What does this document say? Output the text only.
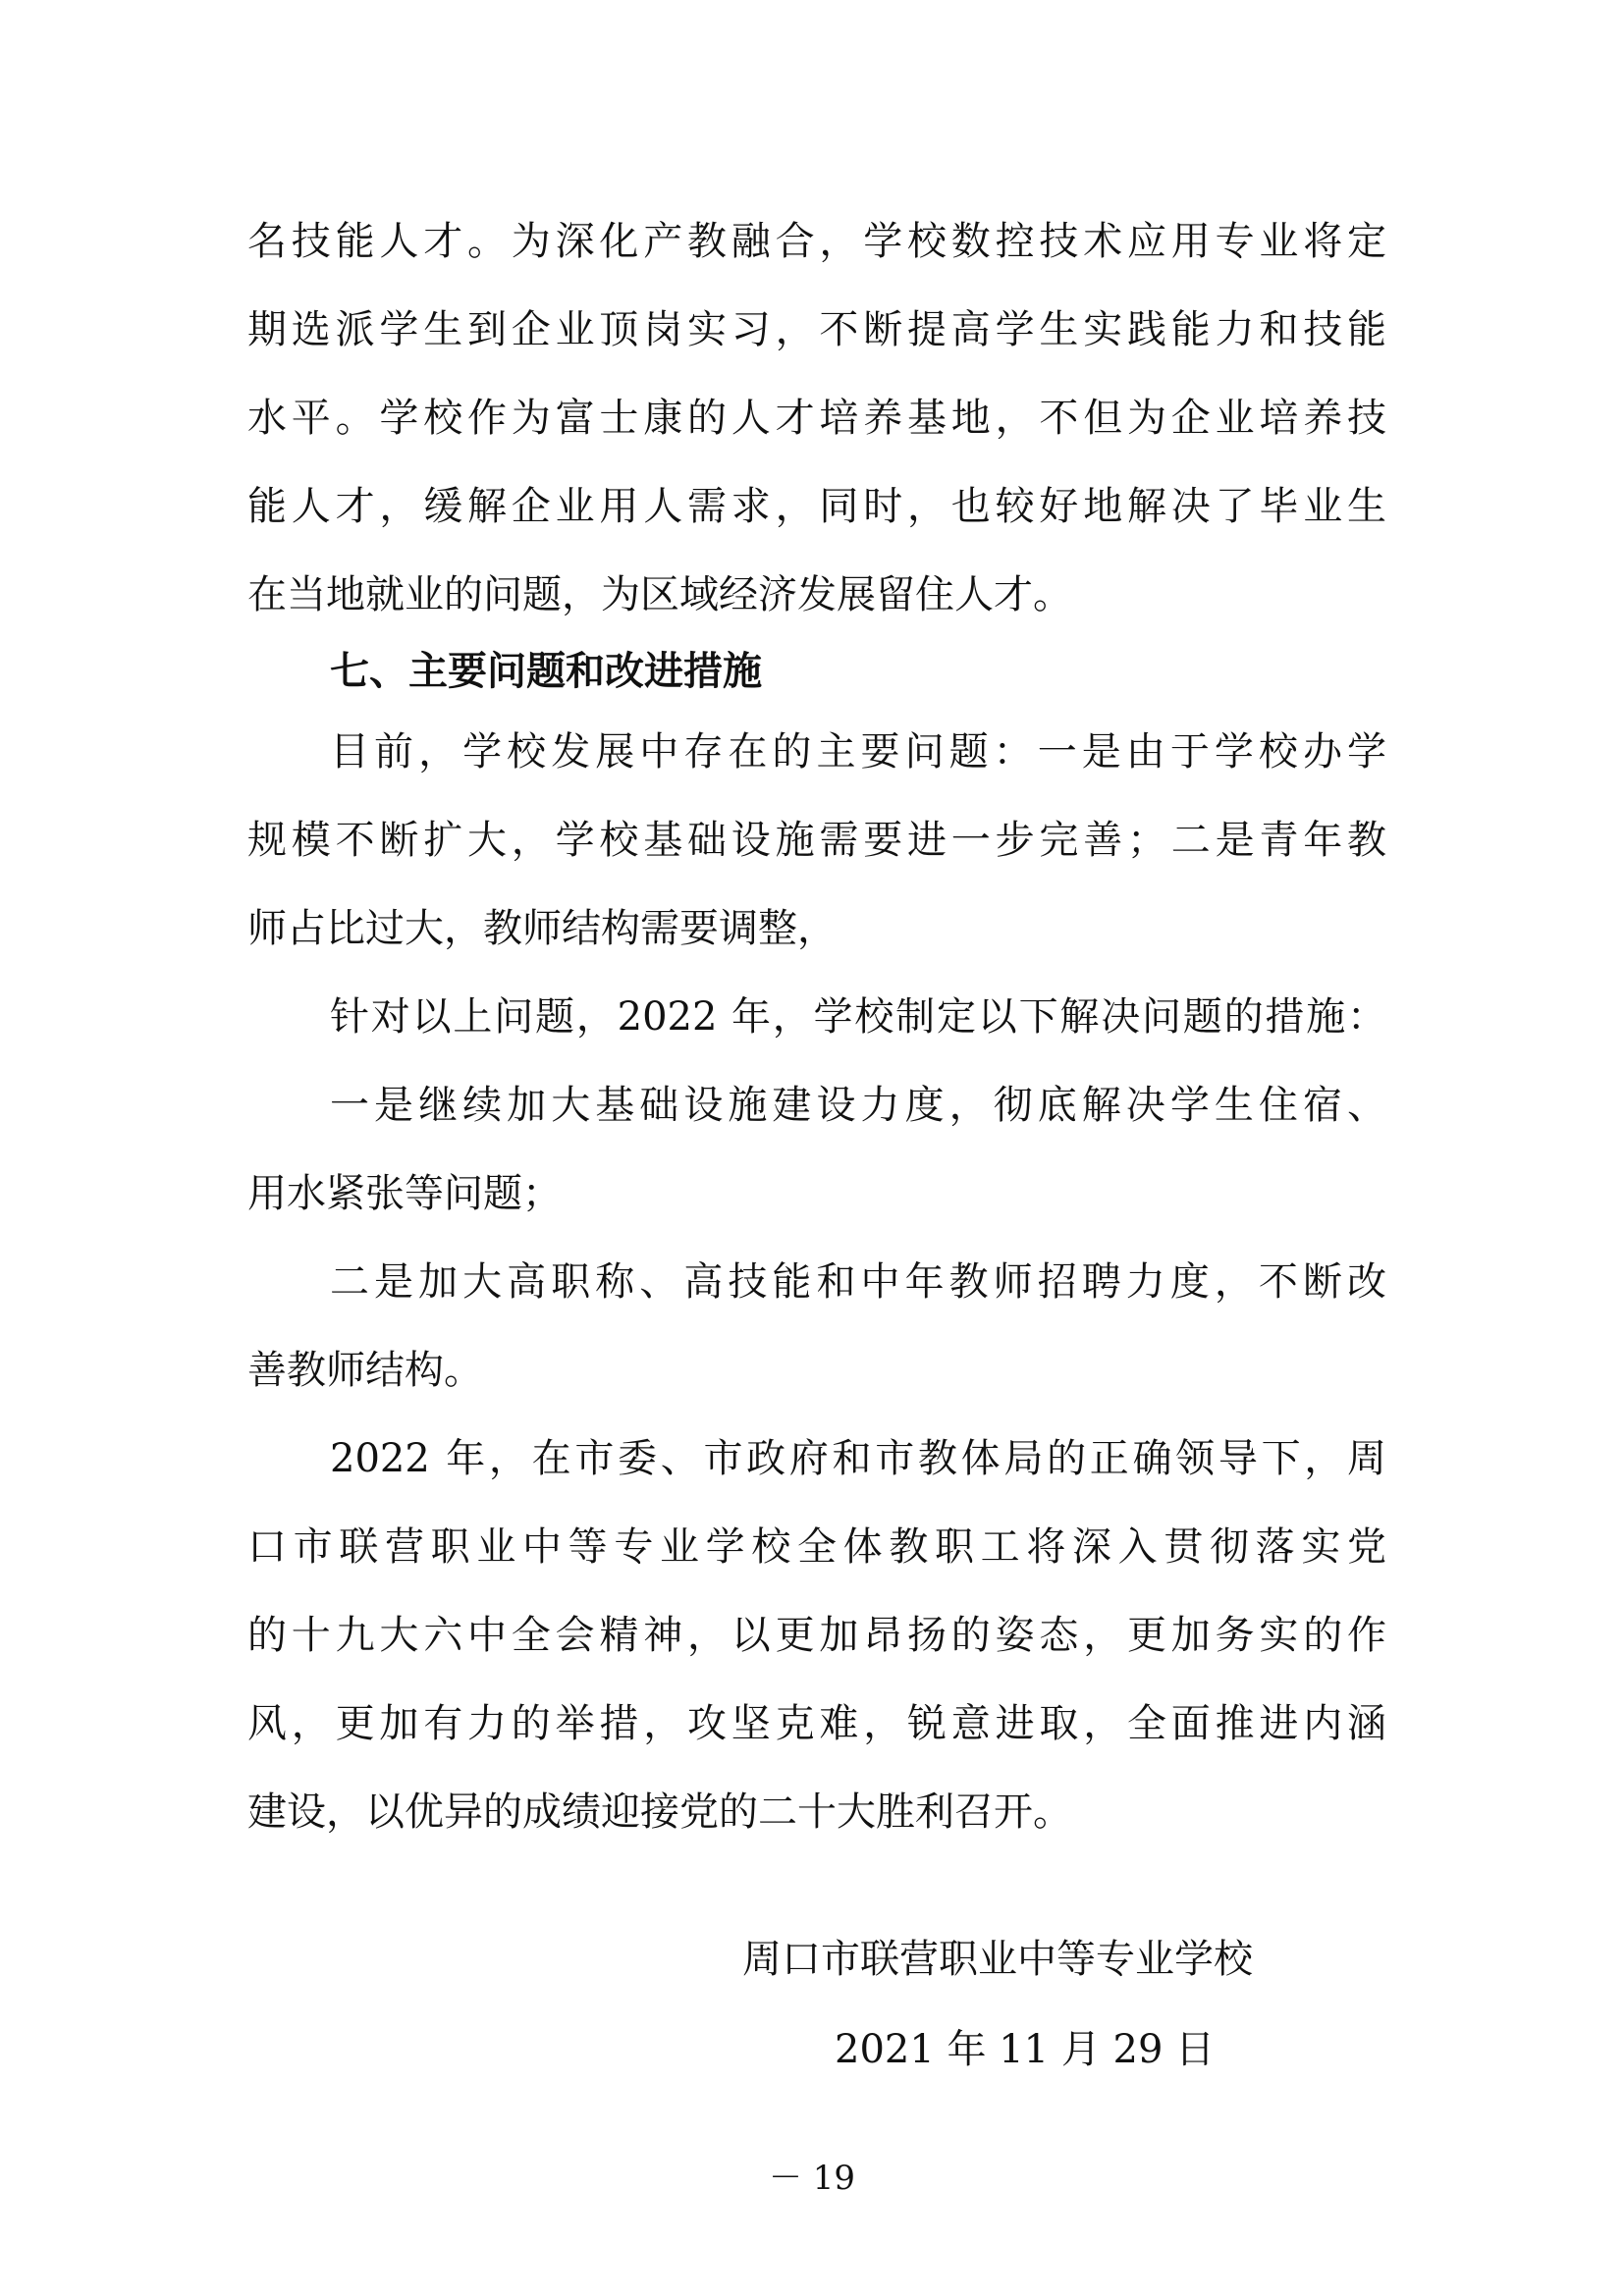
名技能人才。为深化产教融合，学校数控技术应用专业将定
期选派学生到企业顶岗实习，不断提高学生实践能力和技能
水平。学校作为富士康的人才培养基地，不但为企业培养技
能人才，缓解企业用人需求，同时，也较好地解决了毕业生
在当地就业的问题，为区域经济发展留住人才。
七、主要问题和改进措施
目前，学校发展中存在的主要问题：一是由于学校办学
规模不断扩大，学校基础设施需要进一步完善；二是青年教
师占比过大，教师结构需要调整，
针对以上问题，2022 年，学校制定以下解决问题的措施：
一是继续加大基础设施建设力度，彻底解决学生住宿、
用水紧张等问题；
二是加大高职称、高技能和中年教师招聘力度，不断改
善教师结构。
2022 年，在市委、市政府和市教体局的正确领导下，周
口市联营职业中等专业学校全体教职工将深入贯彻落实党
的十九大六中全会精神，以更加昂扬的姿态，更加务实的作
风，更加有力的举措，攻坚克难，锐意进取，全面推进内涵
建设，以优异的成绩迎接党的二十大胜利召开。
周口市联营职业中等专业学校
2021 年 11 月 29 日
－ 19
